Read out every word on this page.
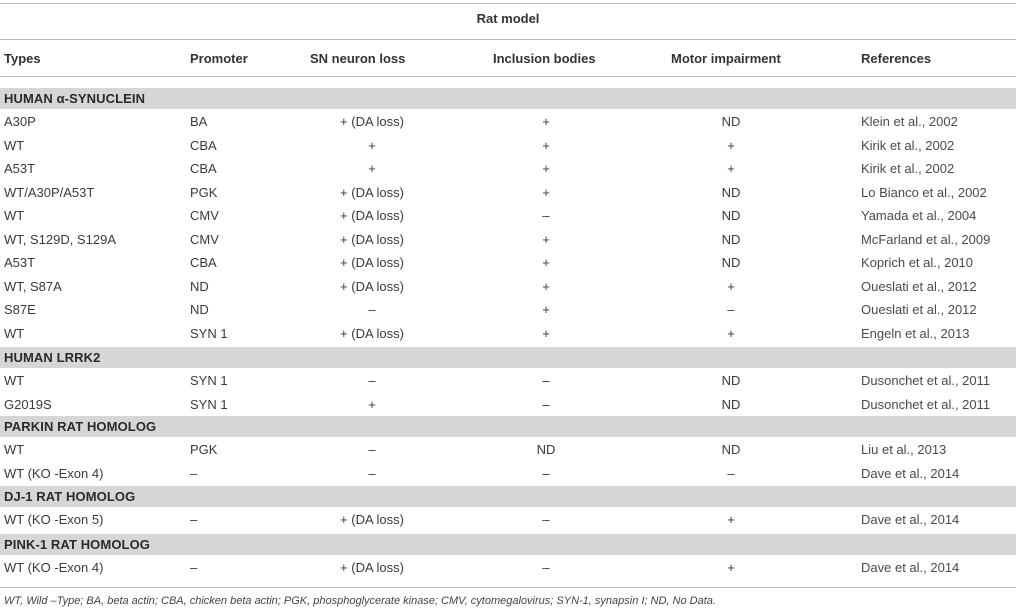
Rat model
Types	Promoter	SN neuron loss	Inclusion bodies	Motor impairment	References
HUMAN α-SYNUCLEIN
A30P	BA	+ (DA loss)	+	ND	Klein et al., 2002
WT	CBA	+	+	+	Kirik et al., 2002
A53T	CBA	+	+	+	Kirik et al., 2002
WT/A30P/A53T	PGK	+ (DA loss)	+	ND	Lo Bianco et al., 2002
WT	CMV	+ (DA loss)	–	ND	Yamada et al., 2004
WT, S129D, S129A	CMV	+ (DA loss)	+	ND	McFarland et al., 2009
A53T	CBA	+ (DA loss)	+	ND	Koprich et al., 2010
WT, S87A	ND	+ (DA loss)	+	+	Oueslati et al., 2012
S87E	ND	–	+	–	Oueslati et al., 2012
WT	SYN 1	+ (DA loss)	+	+	Engeln et al., 2013
HUMAN LRRK2
WT	SYN 1	–	–	ND	Dusonchet et al., 2011
G2019S	SYN 1	+	–	ND	Dusonchet et al., 2011
PARKIN RAT HOMOLOG
WT	PGK	–	ND	ND	Liu et al., 2013
WT (KO -Exon 4)	–	–	–	–	Dave et al., 2014
DJ-1 RAT HOMOLOG
WT (KO -Exon 5)	–	+ (DA loss)	–	+	Dave et al., 2014
PINK-1 RAT HOMOLOG
WT (KO -Exon 4)	–	+ (DA loss)	–	+	Dave et al., 2014
WT, Wild –Type; BA, beta actin; CBA, chicken beta actin; PGK, phosphoglycerate kinase; CMV, cytomegalovirus; SYN-1, synapsin I; ND, No Data.
